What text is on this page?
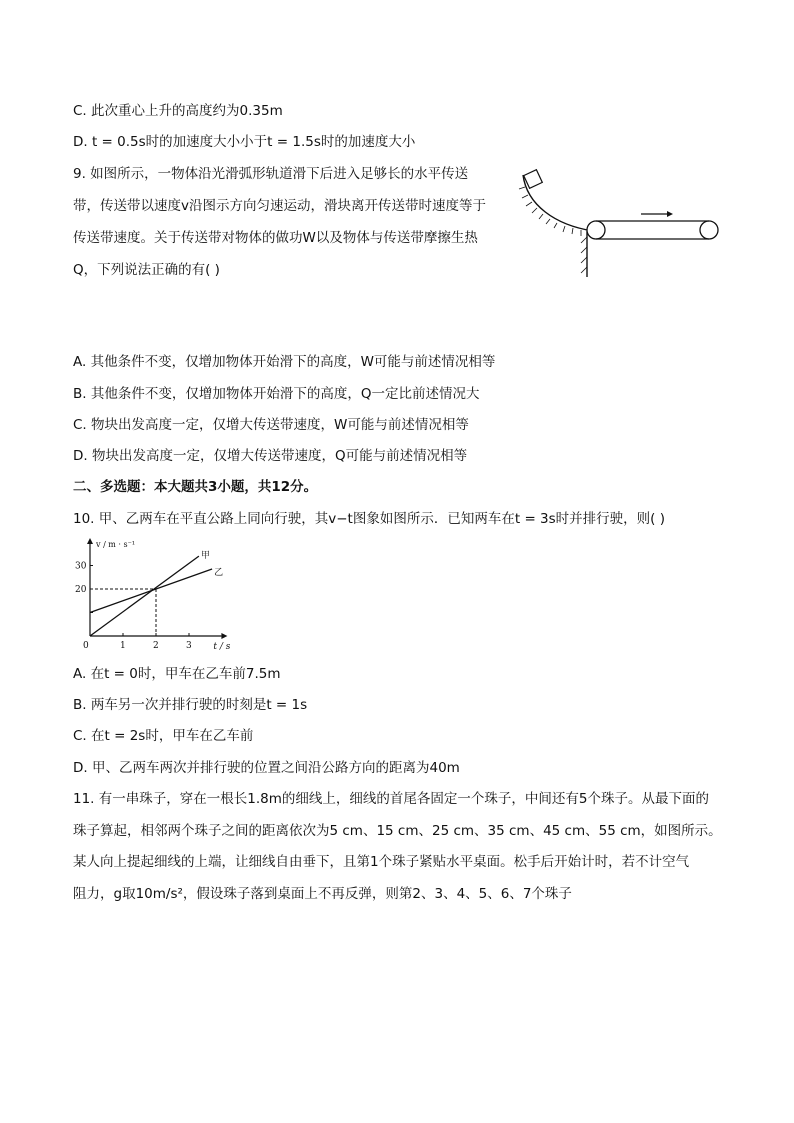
C. 此次重心上升的高度约为0.35m
D. t = 0.5s时的加速度大小小于t = 1.5s时的加速度大小
9. 如图所示，一物体沿光滑弧形轨道滑下后进入足够长的水平传送
带，传送带以速度v沿图示方向匀速运动，滑块离开传送带时速度等于
传送带速度。关于传送带对物体的做功W以及物体与传送带摩擦生热
Q，下列说法正确的有( )
A. 其他条件不变，仅增加物体开始滑下的高度，W可能与前述情况相等
B. 其他条件不变，仅增加物体开始滑下的高度，Q一定比前述情况大
C. 物块出发高度一定，仅增大传送带速度，W可能与前述情况相等
D. 物块出发高度一定，仅增大传送带速度，Q可能与前述情况相等
二、多选题：本大题共3小题，共12分。
10. 甲、乙两车在平直公路上同向行驶，其v−t图象如图所示．已知两车在t = 3s时并排行驶，则( )
v / m · s⁻¹
t / s
0	1	2	3
20
30
甲
乙
A. 在t = 0时，甲车在乙车前7.5m
B. 两车另一次并排行驶的时刻是t = 1s
C. 在t = 2s时，甲车在乙车前
D. 甲、乙两车两次并排行驶的位置之间沿公路方向的距离为40m
11. 有一串珠子，穿在一根长1.8m的细线上，细线的首尾各固定一个珠子，中间还有5个珠子。从最下面的
珠子算起，相邻两个珠子之间的距离依次为5 cm、15 cm、25 cm、35 cm、45 cm、55 cm，如图所示。
某人向上提起细线的上端，让细线自由垂下，且第1个珠子紧贴水平桌面。松手后开始计时，若不计空气
阻力，g取10m/s²，假设珠子落到桌面上不再反弹，则第2、3、4、5、6、7个珠子
